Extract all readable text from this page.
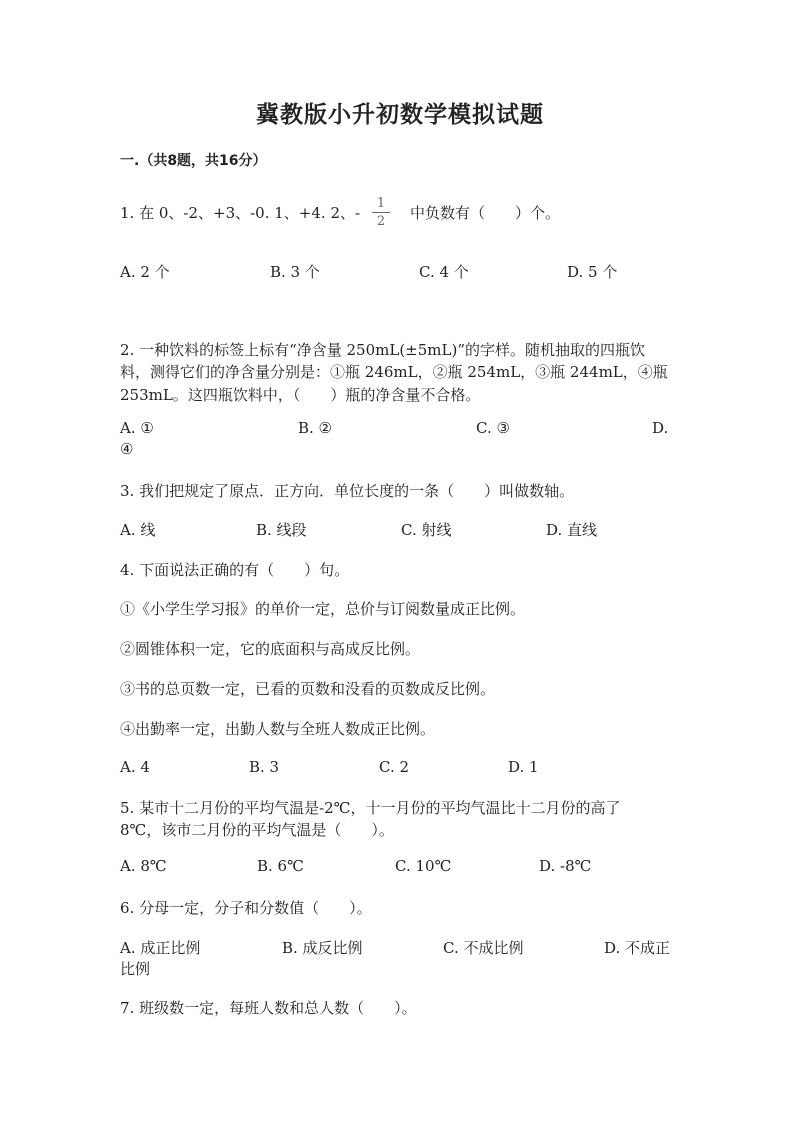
冀教版小升初数学模拟试题
一.（共8题，共16分）
1. 在 0、-2、+3、-0. 1、+4. 2、-
1
2	中负数有（　　）个。
A. 2 个	B. 3 个	C. 4 个	D. 5 个
2. 一种饮料的标签上标有“净含量 250mL(±5mL)”的字样。随机抽取的四瓶饮
料，测得它们的净含量分别是：①瓶 246mL，②瓶 254mL，③瓶 244mL，④瓶
253mL。这四瓶饮料中，（　　）瓶的净含量不合格。
A. ①	B. ②	C. ③	D.
④
3. 我们把规定了原点．正方向．单位长度的一条（　　）叫做数轴。
A. 线	B. 线段	C. 射线	D. 直线
4. 下面说法正确的有（　　）句。
①《小学生学习报》的单价一定，总价与订阅数量成正比例。
②圆锥体积一定，它的底面积与高成反比例。
③书的总页数一定，已看的页数和没看的页数成反比例。
④出勤率一定，出勤人数与全班人数成正比例。
A. 4	B. 3	C. 2	D. 1
5. 某市十二月份的平均气温是-2℃，十一月份的平均气温比十二月份的高了
8℃，该市二月份的平均气温是（　　）。
A. 8℃	B. 6℃	C. 10℃	D. -8℃
6. 分母一定，分子和分数值（　　）。
A. 成正比例	B. 成反比例	C. 不成比例	D. 不成正
比例
7. 班级数一定，每班人数和总人数（　　）。
